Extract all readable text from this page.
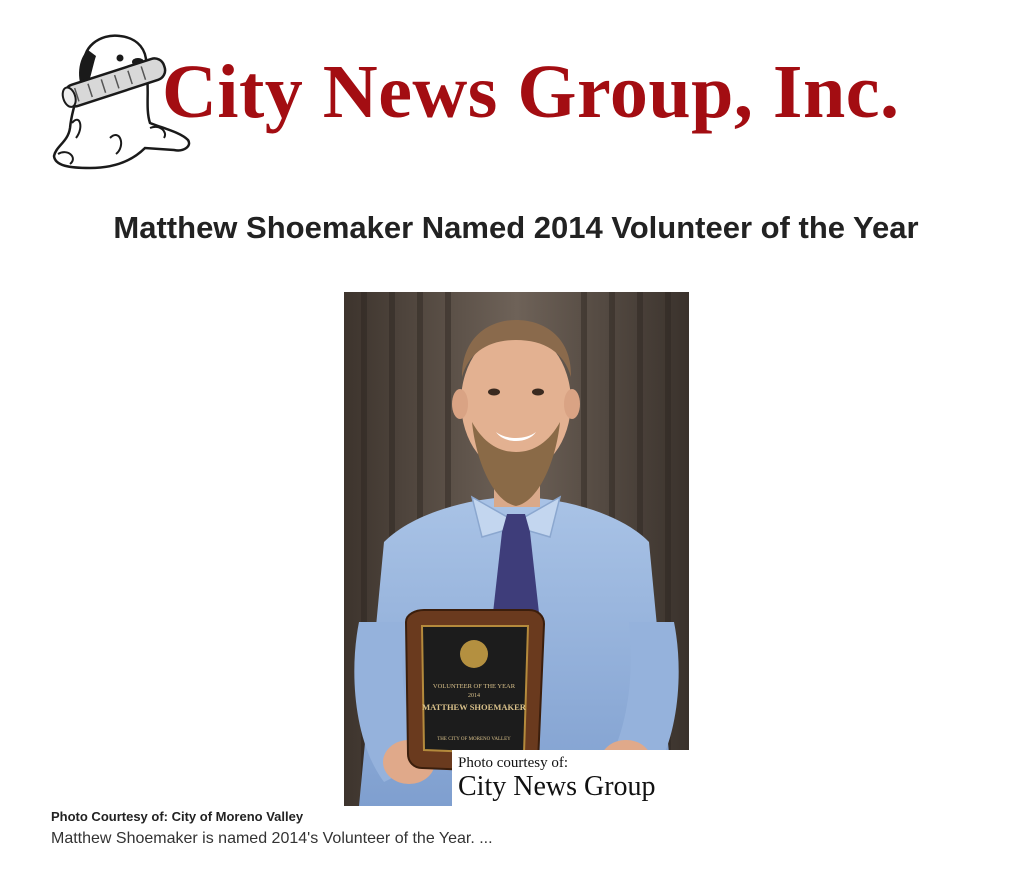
City News Group, Inc.
Matthew Shoemaker Named 2014 Volunteer of the Year
VOLUNTEER OF THE YEAR
2014
MATTHEW SHOEMAKER
THE CITY OF MORENO VALLEY
Photo courtesy of:
City News Group
Photo Courtesy of: City of Moreno Valley
Matthew Shoemaker is named 2014's Volunteer of the Year. ...
